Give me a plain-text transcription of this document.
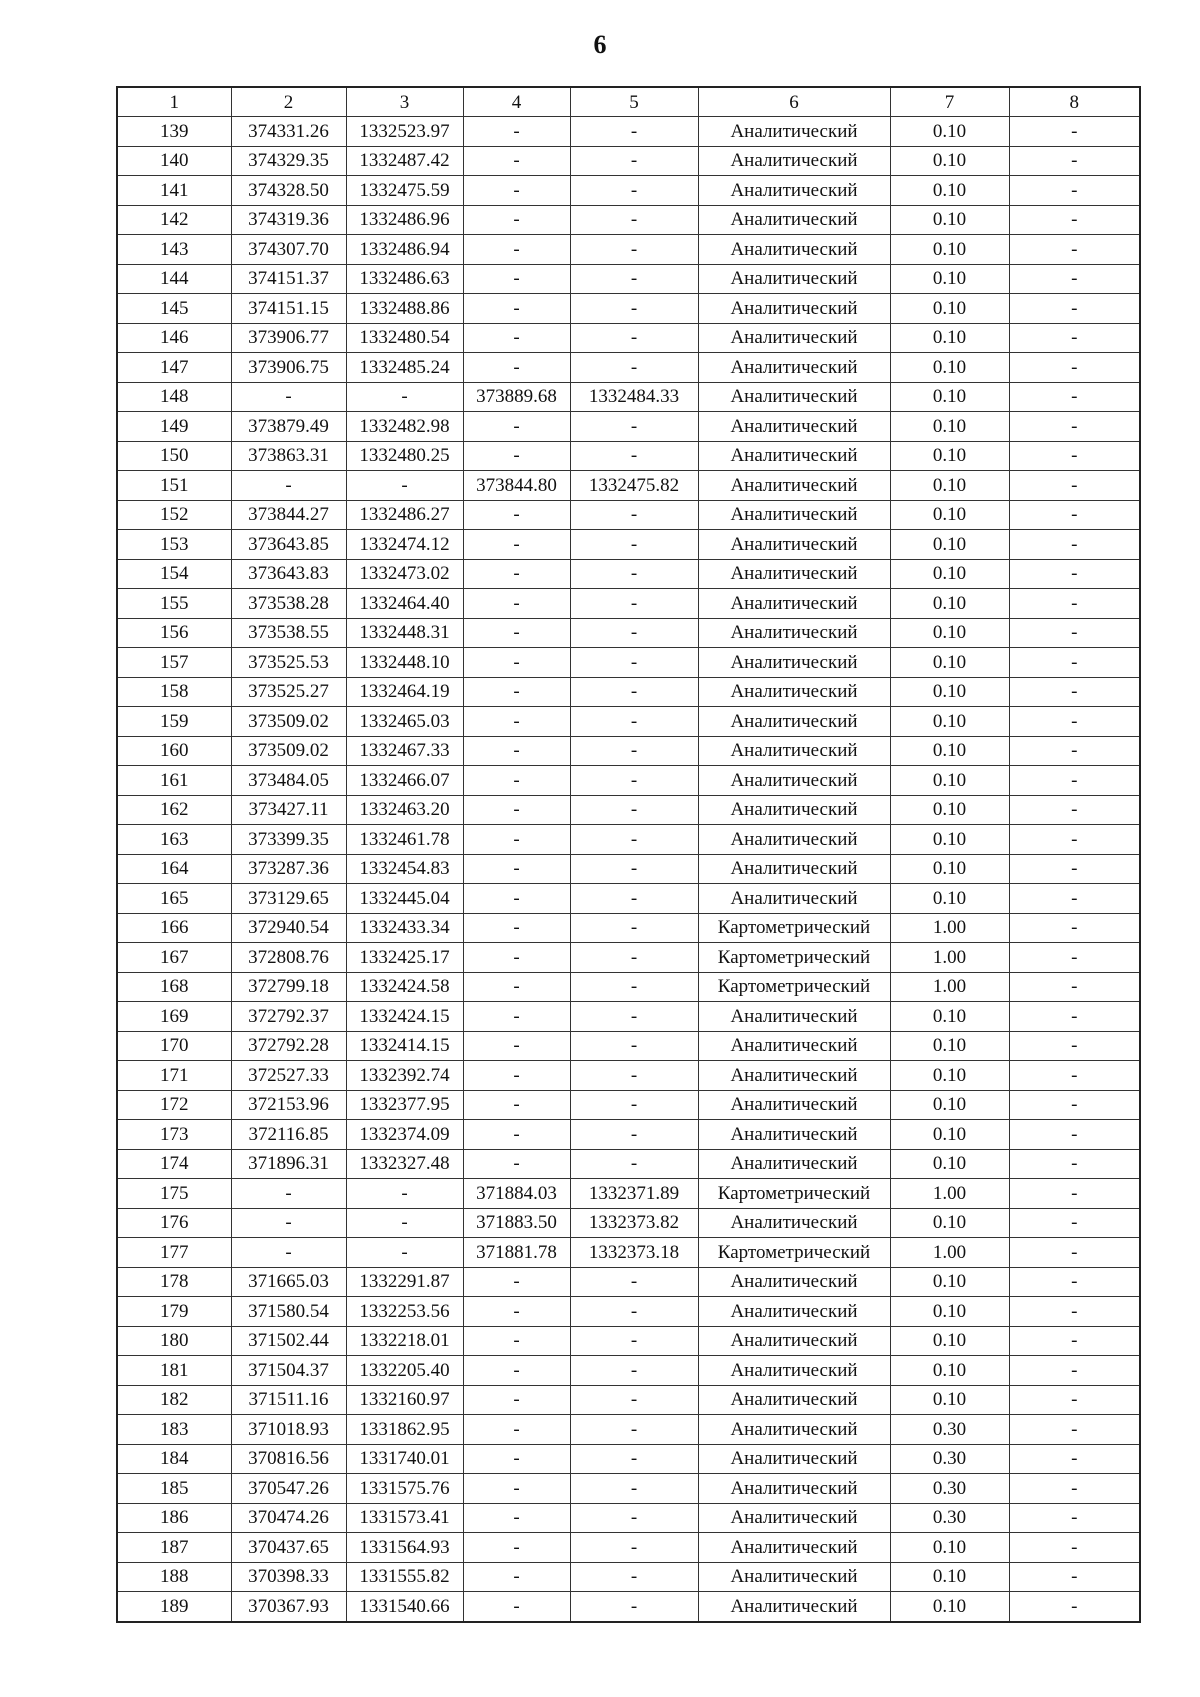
6
1	2	3	4	5	6	7	8
139	374331.26	1332523.97	-	-	Аналитический	0.10	-
140	374329.35	1332487.42	-	-	Аналитический	0.10	-
141	374328.50	1332475.59	-	-	Аналитический	0.10	-
142	374319.36	1332486.96	-	-	Аналитический	0.10	-
143	374307.70	1332486.94	-	-	Аналитический	0.10	-
144	374151.37	1332486.63	-	-	Аналитический	0.10	-
145	374151.15	1332488.86	-	-	Аналитический	0.10	-
146	373906.77	1332480.54	-	-	Аналитический	0.10	-
147	373906.75	1332485.24	-	-	Аналитический	0.10	-
148	-	-	373889.68	1332484.33	Аналитический	0.10	-
149	373879.49	1332482.98	-	-	Аналитический	0.10	-
150	373863.31	1332480.25	-	-	Аналитический	0.10	-
151	-	-	373844.80	1332475.82	Аналитический	0.10	-
152	373844.27	1332486.27	-	-	Аналитический	0.10	-
153	373643.85	1332474.12	-	-	Аналитический	0.10	-
154	373643.83	1332473.02	-	-	Аналитический	0.10	-
155	373538.28	1332464.40	-	-	Аналитический	0.10	-
156	373538.55	1332448.31	-	-	Аналитический	0.10	-
157	373525.53	1332448.10	-	-	Аналитический	0.10	-
158	373525.27	1332464.19	-	-	Аналитический	0.10	-
159	373509.02	1332465.03	-	-	Аналитический	0.10	-
160	373509.02	1332467.33	-	-	Аналитический	0.10	-
161	373484.05	1332466.07	-	-	Аналитический	0.10	-
162	373427.11	1332463.20	-	-	Аналитический	0.10	-
163	373399.35	1332461.78	-	-	Аналитический	0.10	-
164	373287.36	1332454.83	-	-	Аналитический	0.10	-
165	373129.65	1332445.04	-	-	Аналитический	0.10	-
166	372940.54	1332433.34	-	-	Картометрический	1.00	-
167	372808.76	1332425.17	-	-	Картометрический	1.00	-
168	372799.18	1332424.58	-	-	Картометрический	1.00	-
169	372792.37	1332424.15	-	-	Аналитический	0.10	-
170	372792.28	1332414.15	-	-	Аналитический	0.10	-
171	372527.33	1332392.74	-	-	Аналитический	0.10	-
172	372153.96	1332377.95	-	-	Аналитический	0.10	-
173	372116.85	1332374.09	-	-	Аналитический	0.10	-
174	371896.31	1332327.48	-	-	Аналитический	0.10	-
175	-	-	371884.03	1332371.89	Картометрический	1.00	-
176	-	-	371883.50	1332373.82	Аналитический	0.10	-
177	-	-	371881.78	1332373.18	Картометрический	1.00	-
178	371665.03	1332291.87	-	-	Аналитический	0.10	-
179	371580.54	1332253.56	-	-	Аналитический	0.10	-
180	371502.44	1332218.01	-	-	Аналитический	0.10	-
181	371504.37	1332205.40	-	-	Аналитический	0.10	-
182	371511.16	1332160.97	-	-	Аналитический	0.10	-
183	371018.93	1331862.95	-	-	Аналитический	0.30	-
184	370816.56	1331740.01	-	-	Аналитический	0.30	-
185	370547.26	1331575.76	-	-	Аналитический	0.30	-
186	370474.26	1331573.41	-	-	Аналитический	0.30	-
187	370437.65	1331564.93	-	-	Аналитический	0.10	-
188	370398.33	1331555.82	-	-	Аналитический	0.10	-
189	370367.93	1331540.66	-	-	Аналитический	0.10	-
